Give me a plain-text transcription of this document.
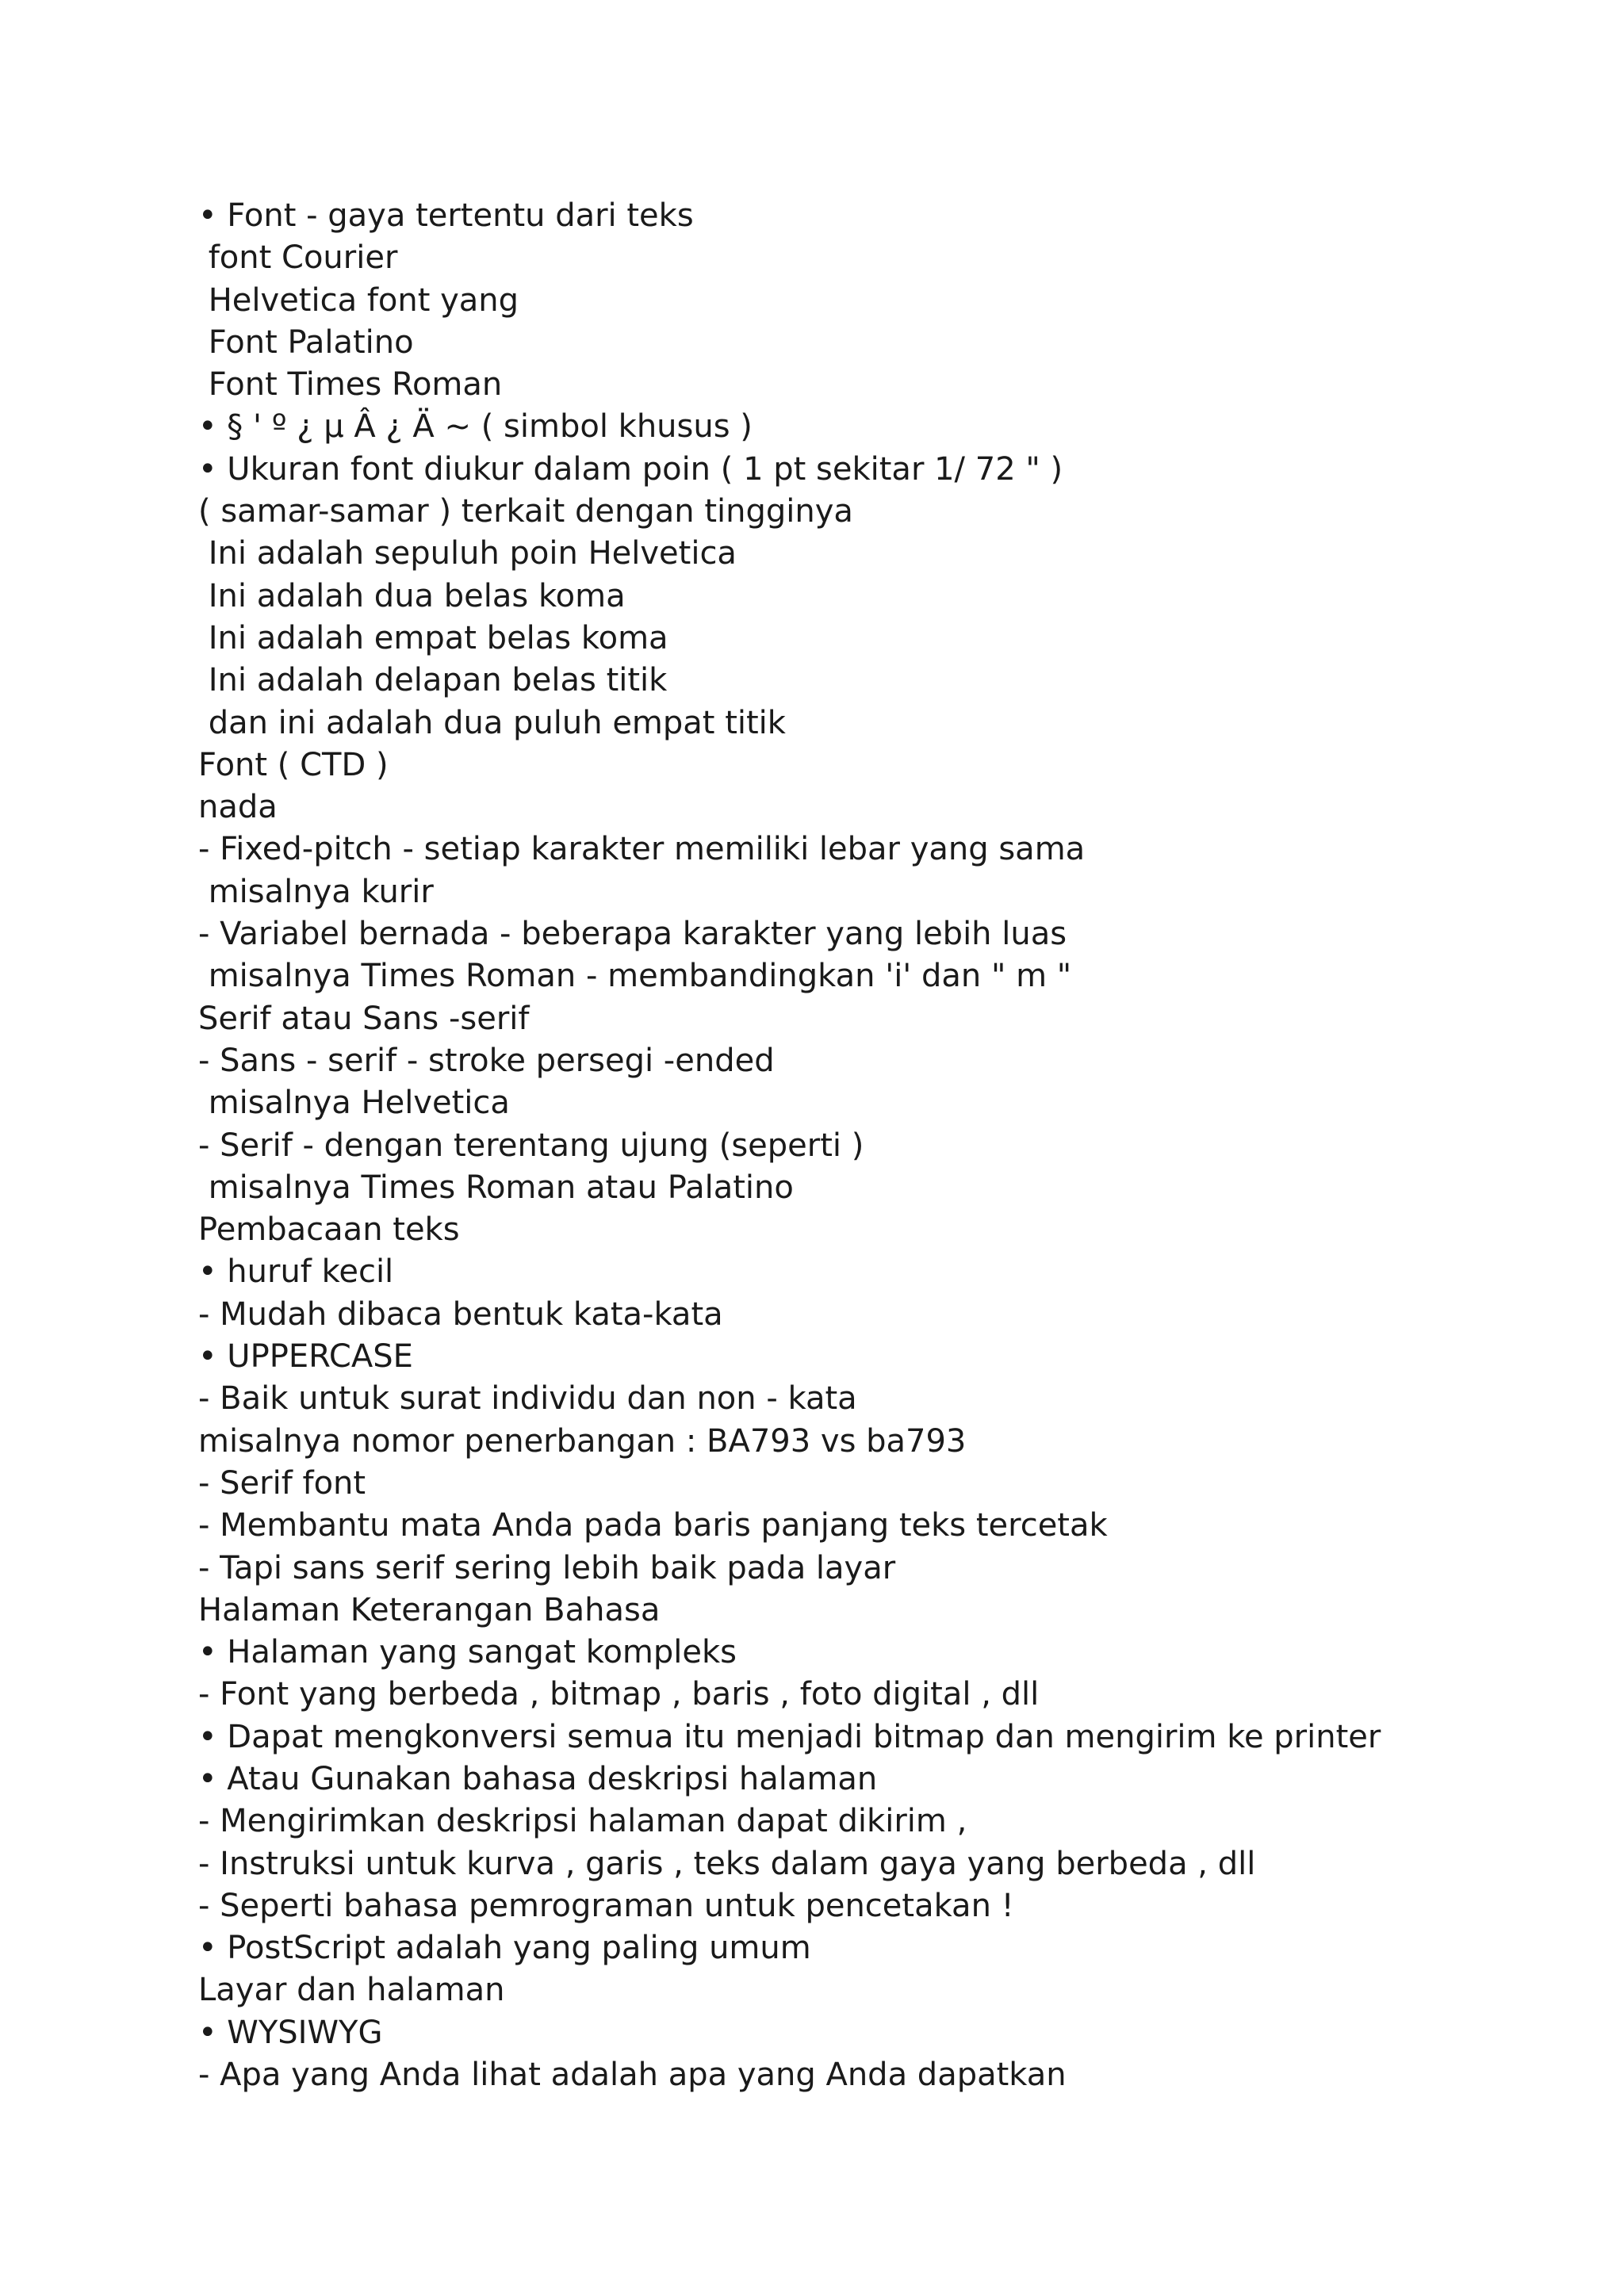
• Font - gaya tertentu dari teks
font Courier
Helvetica font yang
Font Palatino
Font Times Roman
• § ' º ¿ µ Â ¿ Ä ~ ( simbol khusus )
• Ukuran font diukur dalam poin ( 1 pt sekitar 1/ 72 " )
( samar-samar ) terkait dengan tingginya
Ini adalah sepuluh poin Helvetica
Ini adalah dua belas koma
Ini adalah empat belas koma
Ini adalah delapan belas titik
dan ini adalah dua puluh empat titik
Font ( CTD )
nada
- Fixed-pitch - setiap karakter memiliki lebar yang sama
misalnya kurir
- Variabel bernada - beberapa karakter yang lebih luas
misalnya Times Roman - membandingkan 'i' dan " m "
Serif atau Sans -serif
- Sans - serif - stroke persegi -ended
misalnya Helvetica
- Serif - dengan terentang ujung (seperti )
misalnya Times Roman atau Palatino
Pembacaan teks
• huruf kecil
- Mudah dibaca bentuk kata-kata
• UPPERCASE
- Baik untuk surat individu dan non - kata
misalnya nomor penerbangan : BA793 vs ba793
- Serif font
- Membantu mata Anda pada baris panjang teks tercetak
- Tapi sans serif sering lebih baik pada layar
Halaman Keterangan Bahasa
• Halaman yang sangat kompleks
- Font yang berbeda , bitmap , baris , foto digital , dll
• Dapat mengkonversi semua itu menjadi bitmap dan mengirim ke printer
• Atau Gunakan bahasa deskripsi halaman
- Mengirimkan deskripsi halaman dapat dikirim ,
- Instruksi untuk kurva , garis , teks dalam gaya yang berbeda , dll
- Seperti bahasa pemrograman untuk pencetakan !
• PostScript adalah yang paling umum
Layar dan halaman
• WYSIWYG
- Apa yang Anda lihat adalah apa yang Anda dapatkan
